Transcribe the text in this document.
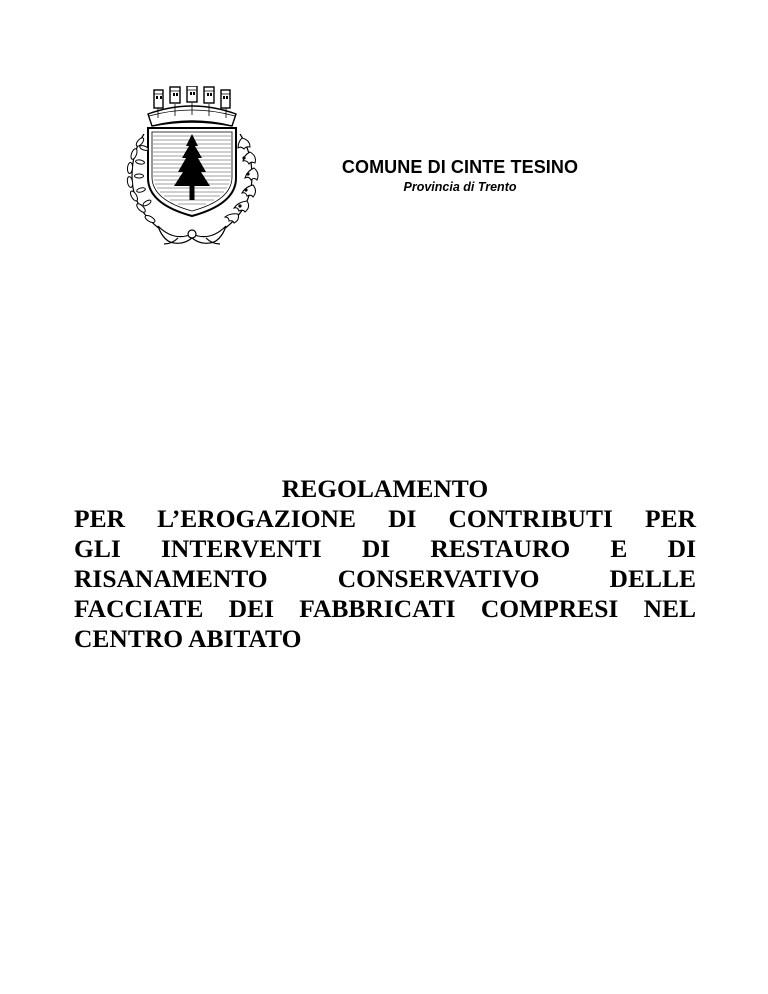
COMUNE DI CINTE TESINO
Provincia di Trento
REGOLAMENTO
PER L’EROGAZIONE DI CONTRIBUTI PER
GLI INTERVENTI DI RESTAURO E DI
RISANAMENTO CONSERVATIVO DELLE
FACCIATE DEI FABBRICATI COMPRESI NEL
CENTRO ABITATO
